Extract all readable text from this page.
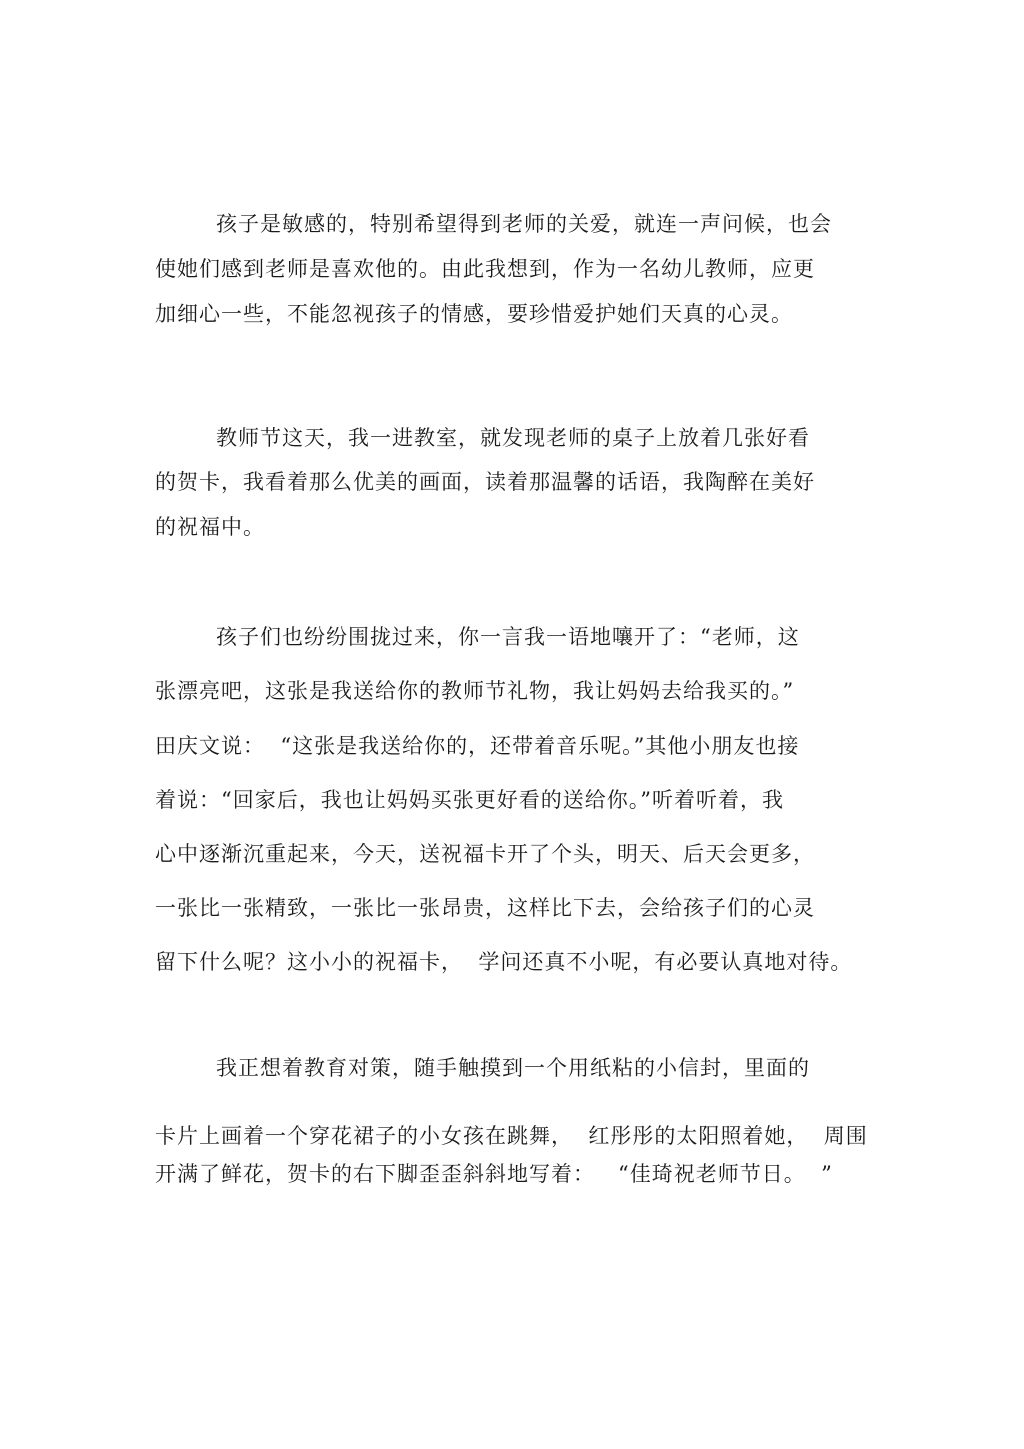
孩子是敏感的，特别希望得到老师的关爱，就连一声问候，也会
使她们感到老师是喜欢他的。由此我想到，作为一名幼儿教师，应更
加细心一些，不能忽视孩子的情感，要珍惜爱护她们天真的心灵。
教师节这天，我一进教室，就发现老师的桌子上放着几张好看
的贺卡，我看着那么优美的画面，读着那温馨的话语，我陶醉在美好
的祝福中。
孩子们也纷纷围拢过来，你一言我一语地嚷开了：“老师，这
张漂亮吧，这张是我送给你的教师节礼物，我让妈妈去给我买的。”
田庆文说：  “这张是我送给你的，还带着音乐呢。”其他小朋友也接
着说：“回家后，我也让妈妈买张更好看的送给你。”听着听着，我
心中逐渐沉重起来，今天，送祝福卡开了个头，明天、后天会更多，
一张比一张精致，一张比一张昂贵，这样比下去，会给孩子们的心灵
留下什么呢？这小小的祝福卡，  学问还真不小呢，有必要认真地对待。
我正想着教育对策，随手触摸到一个用纸粘的小信封，里面的
卡片上画着一个穿花裙子的小女孩在跳舞，  红彤彤的太阳照着她，  周围
开满了鲜花，贺卡的右下脚歪歪斜斜地写着：   “佳琦祝老师节日。  ”
